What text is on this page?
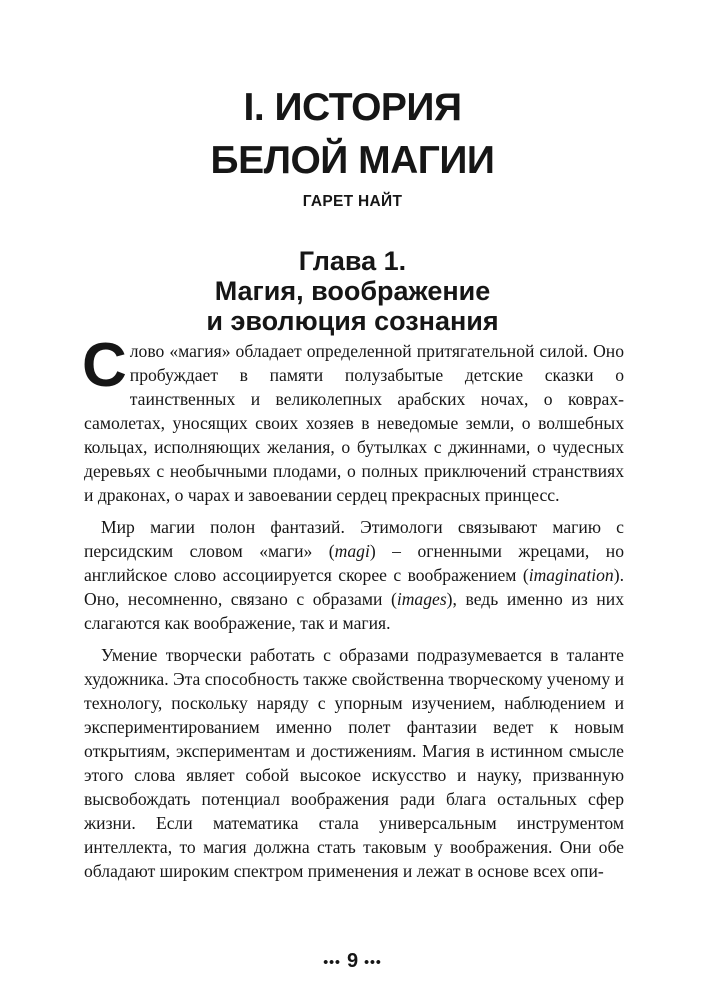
I. ИСТОРИЯ
БЕЛОЙ МАГИИ
ГАРЕТ НАЙТ
Глава 1.
Магия, воображение
и эволюция сознания

Слово «магия» обладает определенной притягательной силой. Оно пробуждает в памяти полузабытые детские сказки о таинственных и великолепных арабских ночах, о коврах-самолетах, уносящих своих хозяев в неведомые земли, о волшебных кольцах, исполняющих желания, о бутылках с джиннами, о чудесных деревьях с необычными плодами, о полных приключений странствиях и драконах, о чарах и завоевании сердец прекрасных принцесс.

Мир магии полон фантазий. Этимологи связывают магию с персидским словом «маги» (magi) – огненными жрецами, но английское слово ассоциируется скорее с воображением (imagination). Оно, несомненно, связано с образами (images), ведь именно из них слагаются как воображение, так и магия.

Умение творчески работать с образами подразумевается в таланте художника. Эта способность также свойственна творческому ученому и технологу, поскольку наряду с упорным изучением, наблюдением и экспериментированием именно полет фантазии ведет к новым открытиям, экспериментам и достижениям. Магия в истинном смысле этого слова являет собой высокое искусство и науку, призванную высвобождать потенциал воображения ради блага остальных сфер жизни. Если математика стала универсальным инструментом интеллекта, то магия должна стать таковым у воображения. Они обе обладают широким спектром применения и лежат в основе всех опи-

••• 9 •••
